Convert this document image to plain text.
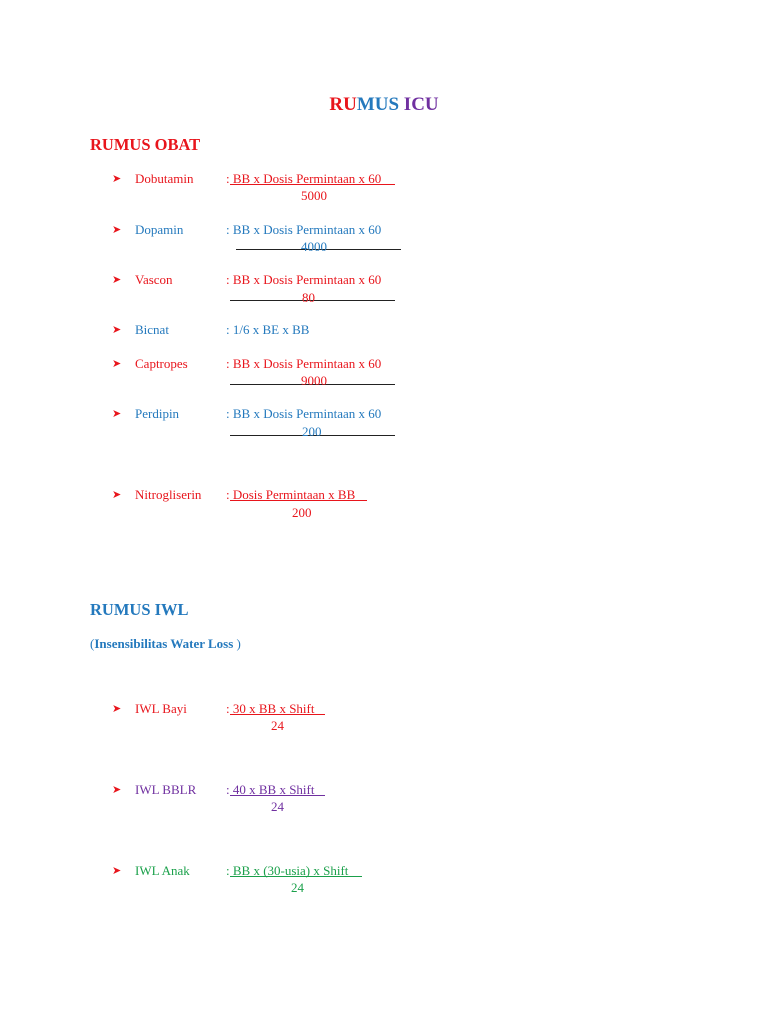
RUMUS ICU
RUMUS OBAT
➤ Dobutamin	: BB x Dosis Permintaan x 60
5000
➤ Dopamin	: BB x Dosis Permintaan x 60
4000
➤ Vascon	: BB x Dosis Permintaan x 60
80
➤ Bicnat	: 1/6 x BE x BB
➤ Captropes	: BB x Dosis Permintaan x 60
9000
➤ Perdipin	: BB x Dosis Permintaan x 60
200
➤ Nitrogliserin : Dosis Permintaan x BB
200
RUMUS IWL
(Insensibilitas Water Loss )
➤ IWL Bayi	: 30 x BB x Shift
24
➤ IWL BBLR : 40 x BB x Shift
24
➤ IWL Anak	: BB x (30-usia) x Shift
24
